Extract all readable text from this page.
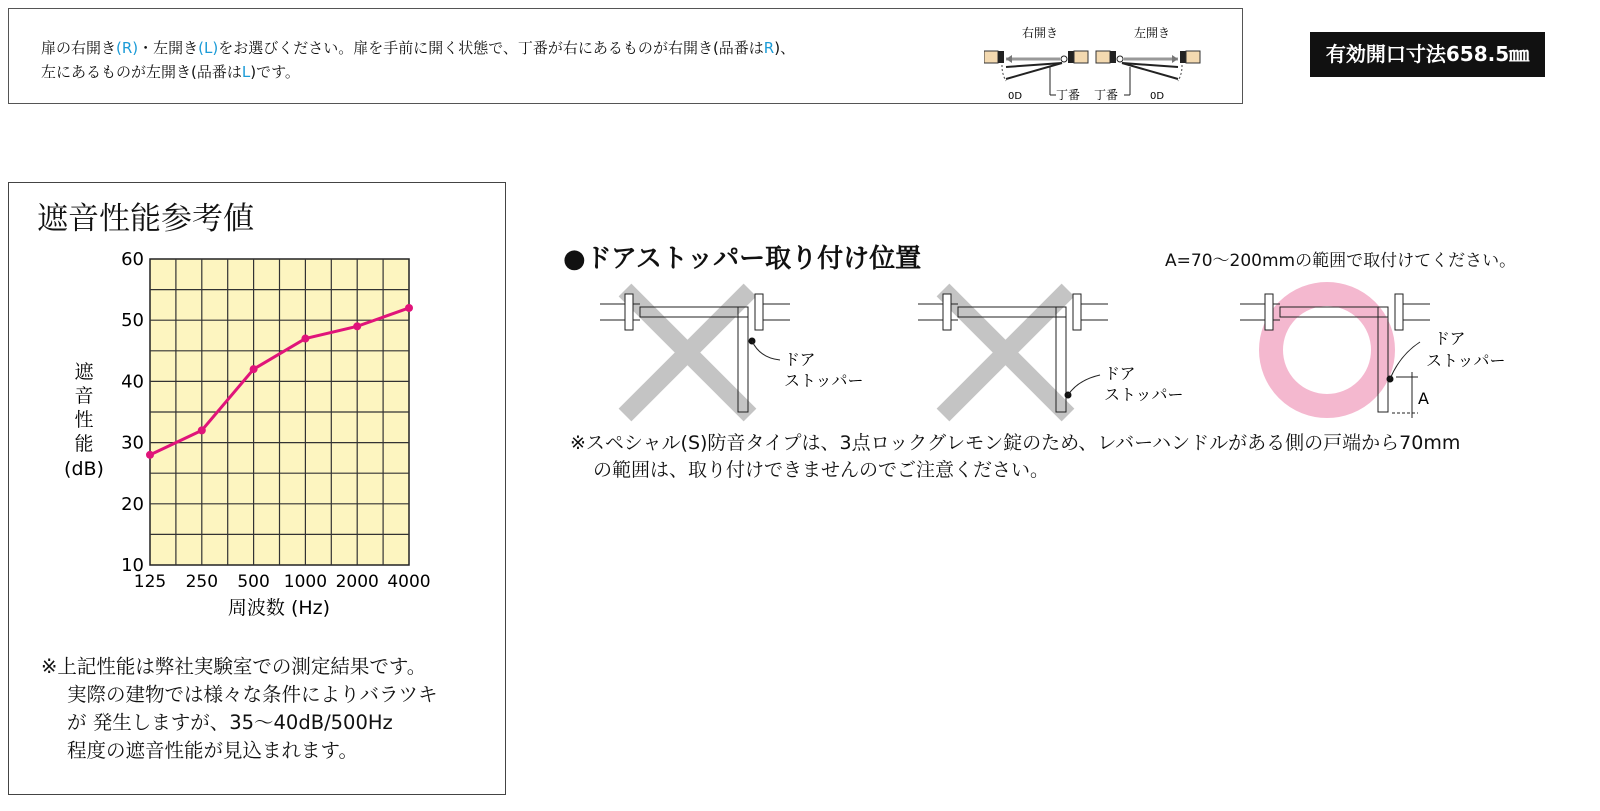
扉の右開き(R)・左開き(L)をお選びください。扉を手前に開く状態で、丁番が右にあるものが右開き(品番はR)、
左にあるものが左開き(品番はL)です。
右開き
0D	丁番
左開き
丁番	0D
有効開口寸法658.5㎜
遮音性能参考値
10
20
30
40
50
60
125 250 500 1000 2000 4000
遮
音
性
能
(dB)
周波数 (Hz)
※上記性能は弊社実験室での測定結果です。
実際の建物では様々な条件によりバラツキ
が 発生しますが、35～40dB/500Hz
程度の遮音性能が見込まれます。
●ドアストッパー取り付け位置	A=70～200mmの範囲で取付けてください。
ドア
ストッパー	ドア
ストッパー
ドア
ストッパー
A
※スペシャル(S)防音タイプは、3点ロックグレモン錠のため、レバーハンドルがある側の戸端から70mm
の範囲は、取り付けできませんのでご注意ください。
